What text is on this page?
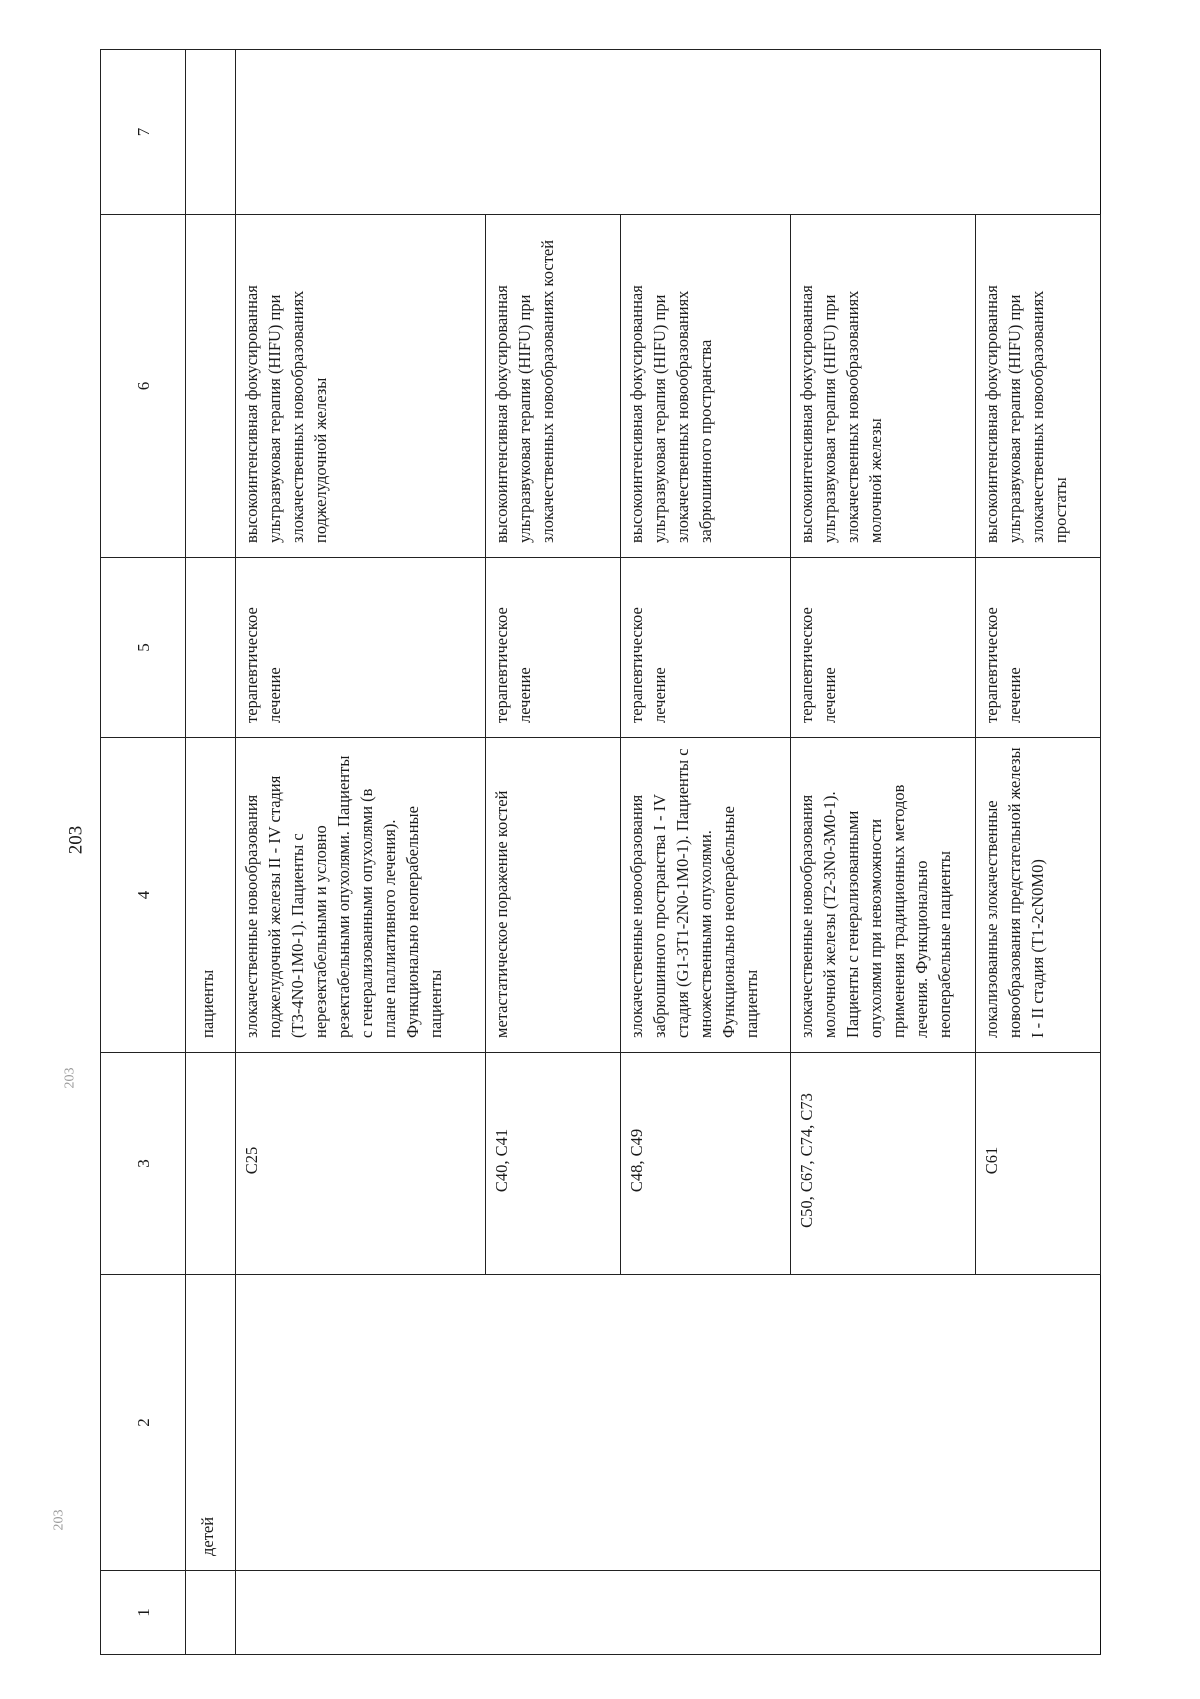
203
203
203
1	2	3	4	5	6	7
	детей		пациенты			
		C25	злокачественные новообразования поджелудочной железы II - IV стадия (T3-4N0-1M0-1). Пациенты с нерезектабельными и условно резектабельными опухолями. Пациенты с генерализованными опухолями (в плане паллиативного лечения). Функционально неоперабельные пациенты	терапевтическое лечение	высокоинтенсивная фокусированная ультразвуковая терапия (HIFU) при злокачественных новообразованиях поджелудочной железы	
		C40, C41	метастатическое поражение костей	терапевтическое лечение	высокоинтенсивная фокусированная ультразвуковая терапия (HIFU) при злокачественных новообразованиях костей	
		C48, C49	злокачественные новообразования забрюшинного пространства I - IV стадия (G1-3T1-2N0-1M0-1). Пациенты с множественными опухолями. Функционально неоперабельные пациенты	терапевтическое лечение	высокоинтенсивная фокусированная ультразвуковая терапия (HIFU) при злокачественных новообразованиях забрюшинного пространства	
		C50, C67, C74, C73	злокачественные новообразования молочной железы (T2-3N0-3M0-1). Пациенты с генерализованными опухолями при невозможности применения традиционных методов лечения. Функционально неоперабельные пациенты	терапевтическое лечение	высокоинтенсивная фокусированная ультразвуковая терапия (HIFU) при злокачественных новообразованиях молочной железы	
		C61	локализованные злокачественные новообразования предстательной железы I - II стадия (T1-2cN0M0)	терапевтическое лечение	высокоинтенсивная фокусированная ультразвуковая терапия (HIFU) при злокачественных новообразованиях простаты	
